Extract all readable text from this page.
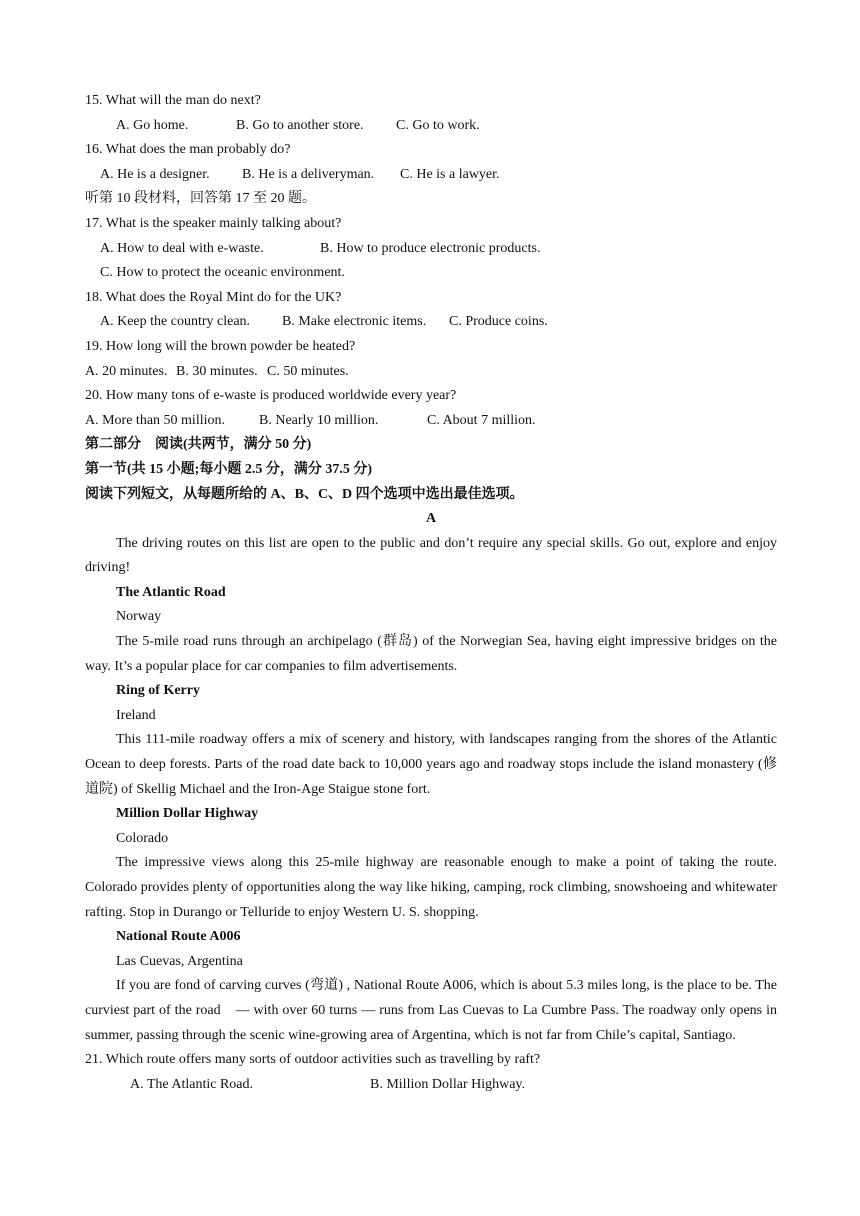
15. What will the man do next?
A. Go home.	B. Go to another store. C. Go to work.
16. What does the man probably do?
A. He is a designer. B. He is a deliveryman. C. He is a lawyer.
听第 10 段材料，回答第 17 至 20 题。
17. What is the speaker mainly talking about?
A. How to deal with e-waste.	B. How to produce electronic products.
C. How to protect the oceanic environment.
18. What does the Royal Mint do for the UK?
A. Keep the country clean. B. Make electronic items. C. Produce coins.
19. How long will the brown powder be heated?
A. 20 minutes. B. 30 minutes. C. 50 minutes.
20. How many tons of e-waste is produced worldwide every year?
A. More than 50 million. B. Nearly 10 million.	C. About 7 million.
第二部分　阅读(共两节，满分 50 分)
第一节(共 15 小题;每小题 2.5 分，满分 37.5 分)
阅读下列短文，从每题所给的 A、B、C、D 四个选项中选出最佳选项。
A

The driving routes on this list are open to the public and don’t require any special skills. Go out, explore and enjoy driving!

The Atlantic Road
Norway

The 5-mile road runs through an archipelago (群岛) of the Norwegian Sea, having eight impressive bridges on the way. It’s a popular place for car companies to film advertisements.

Ring of Kerry
Ireland

This 111-mile roadway offers a mix of scenery and history, with landscapes ranging from the shores of the Atlantic Ocean to deep forests. Parts of the road date back to 10,000 years ago and roadway stops include the island monastery (修道院) of Skellig Michael and the Iron-Age Staigue stone fort.

Million Dollar Highway
Colorado

The impressive views along this 25-mile highway are reasonable enough to make a point of taking the route. Colorado provides plenty of opportunities along the way like hiking, camping, rock climbing, snowshoeing and whitewater rafting. Stop in Durango or Telluride to enjoy Western U. S. shopping.

National Route A006
Las Cuevas, Argentina

If you are fond of carving curves (弯道) , National Route A006, which is about 5.3 miles long, is the place to be. The curviest part of the road　— with over 60 turns — runs from Las Cuevas to La Cumbre Pass. The roadway only opens in summer, passing through the scenic wine-growing area of Argentina, which is not far from Chile’s capital, Santiago.

21. Which route offers many sorts of outdoor activities such as travelling by raft?
A. The Atlantic Road.	B. Million Dollar Highway.
